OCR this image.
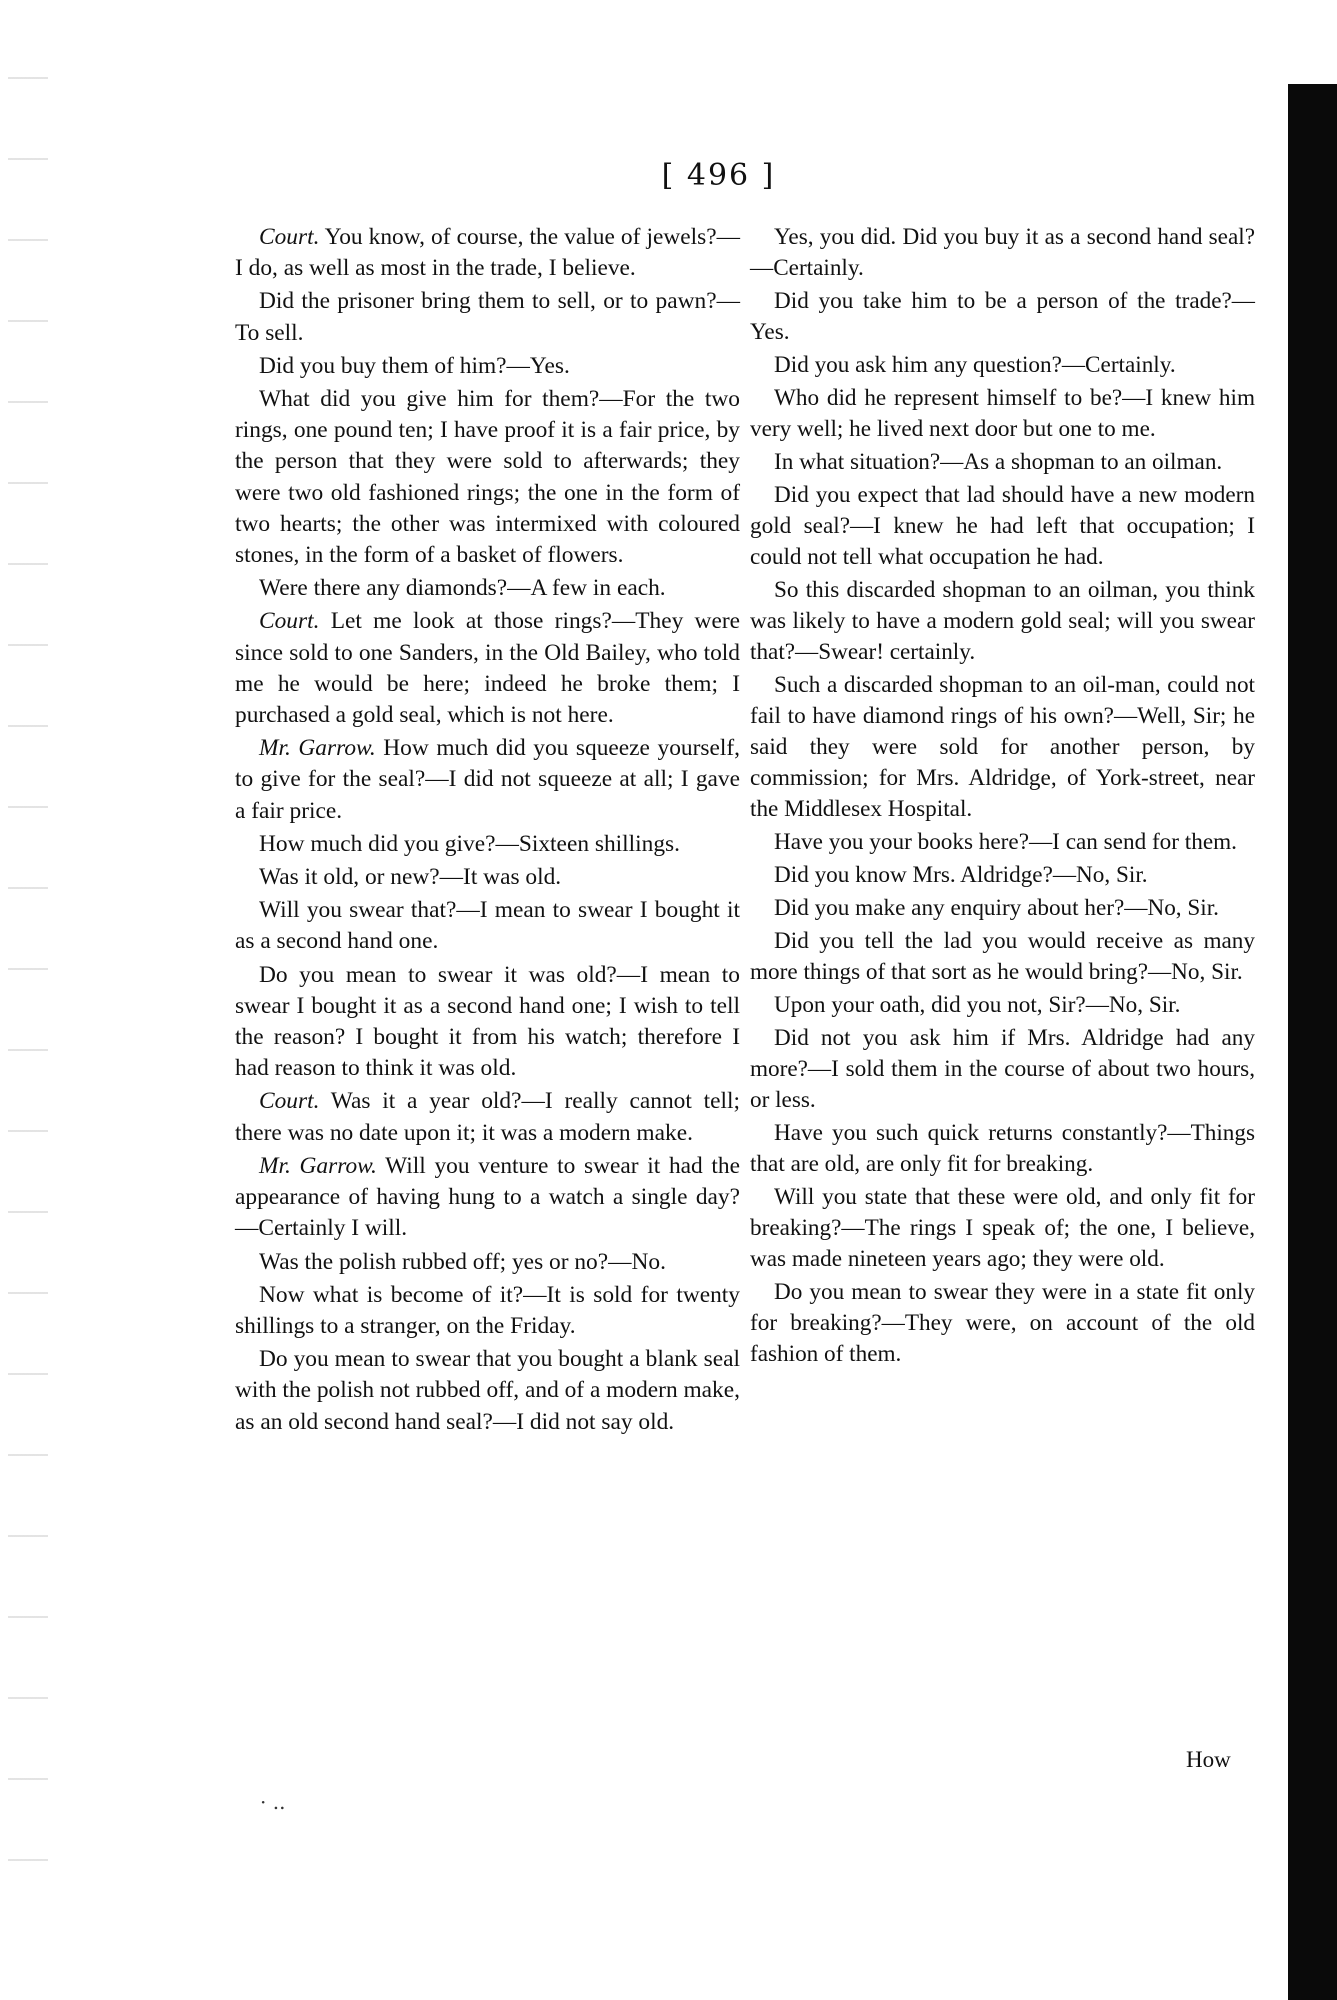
[ 496 ]

Court. You know, of course, the value of jewels?—I do, as well as most in the trade, I believe.

Did the prisoner bring them to sell, or to pawn?—To sell.

Did you buy them of him?—Yes.

What did you give him for them?—For the two rings, one pound ten; I have proof it is a fair price, by the person that they were sold to afterwards; they were two old fashioned rings; the one in the form of two hearts; the other was intermixed with coloured stones, in the form of a basket of flowers.

Were there any diamonds?—A few in each.

Court. Let me look at those rings?—They were since sold to one Sanders, in the Old Bailey, who told me he would be here; indeed he broke them; I purchased a gold seal, which is not here.

Mr. Garrow. How much did you squeeze yourself, to give for the seal?—I did not squeeze at all; I gave a fair price.

How much did you give?—Sixteen shillings.

Was it old, or new?—It was old.

Will you swear that?—I mean to swear I bought it as a second hand one.

Do you mean to swear it was old?—I mean to swear I bought it as a second hand one; I wish to tell the reason? I bought it from his watch; therefore I had reason to think it was old.

Court. Was it a year old?—I really cannot tell; there was no date upon it; it was a modern make.

Mr. Garrow. Will you venture to swear it had the appearance of having hung to a watch a single day?—Certainly I will.

Was the polish rubbed off; yes or no?—No.

Now what is become of it?—It is sold for twenty shillings to a stranger, on the Friday.

Do you mean to swear that you bought a blank seal with the polish not rubbed off, and of a modern make, as an old second hand seal?—I did not say old.

Yes, you did. Did you buy it as a second hand seal?—Certainly.

Did you take him to be a person of the trade?—Yes.

Did you ask him any question?—Certainly.

Who did he represent himself to be?—I knew him very well; he lived next door but one to me.

In what situation?—As a shopman to an oilman.

Did you expect that lad should have a new modern gold seal?—I knew he had left that occupation; I could not tell what occupation he had.

So this discarded shopman to an oilman, you think was likely to have a modern gold seal; will you swear that?—Swear! certainly.

Such a discarded shopman to an oil-man, could not fail to have diamond rings of his own?—Well, Sir; he said they were sold for another person, by commission; for Mrs. Aldridge, of York-street, near the Middlesex Hospital.

Have you your books here?—I can send for them.

Did you know Mrs. Aldridge?—No, Sir.

Did you make any enquiry about her?—No, Sir.

Did you tell the lad you would receive as many more things of that sort as he would bring?—No, Sir.

Upon your oath, did you not, Sir?—No, Sir.

Did not you ask him if Mrs. Aldridge had any more?—I sold them in the course of about two hours, or less.

Have you such quick returns constantly?—Things that are old, are only fit for breaking.

Will you state that these were old, and only fit for breaking?—The rings I speak of; the one, I believe, was made nineteen years ago; they were old.

Do you mean to swear they were in a state fit only for breaking?—They were, on account of the old fashion of them.

How
· ..
